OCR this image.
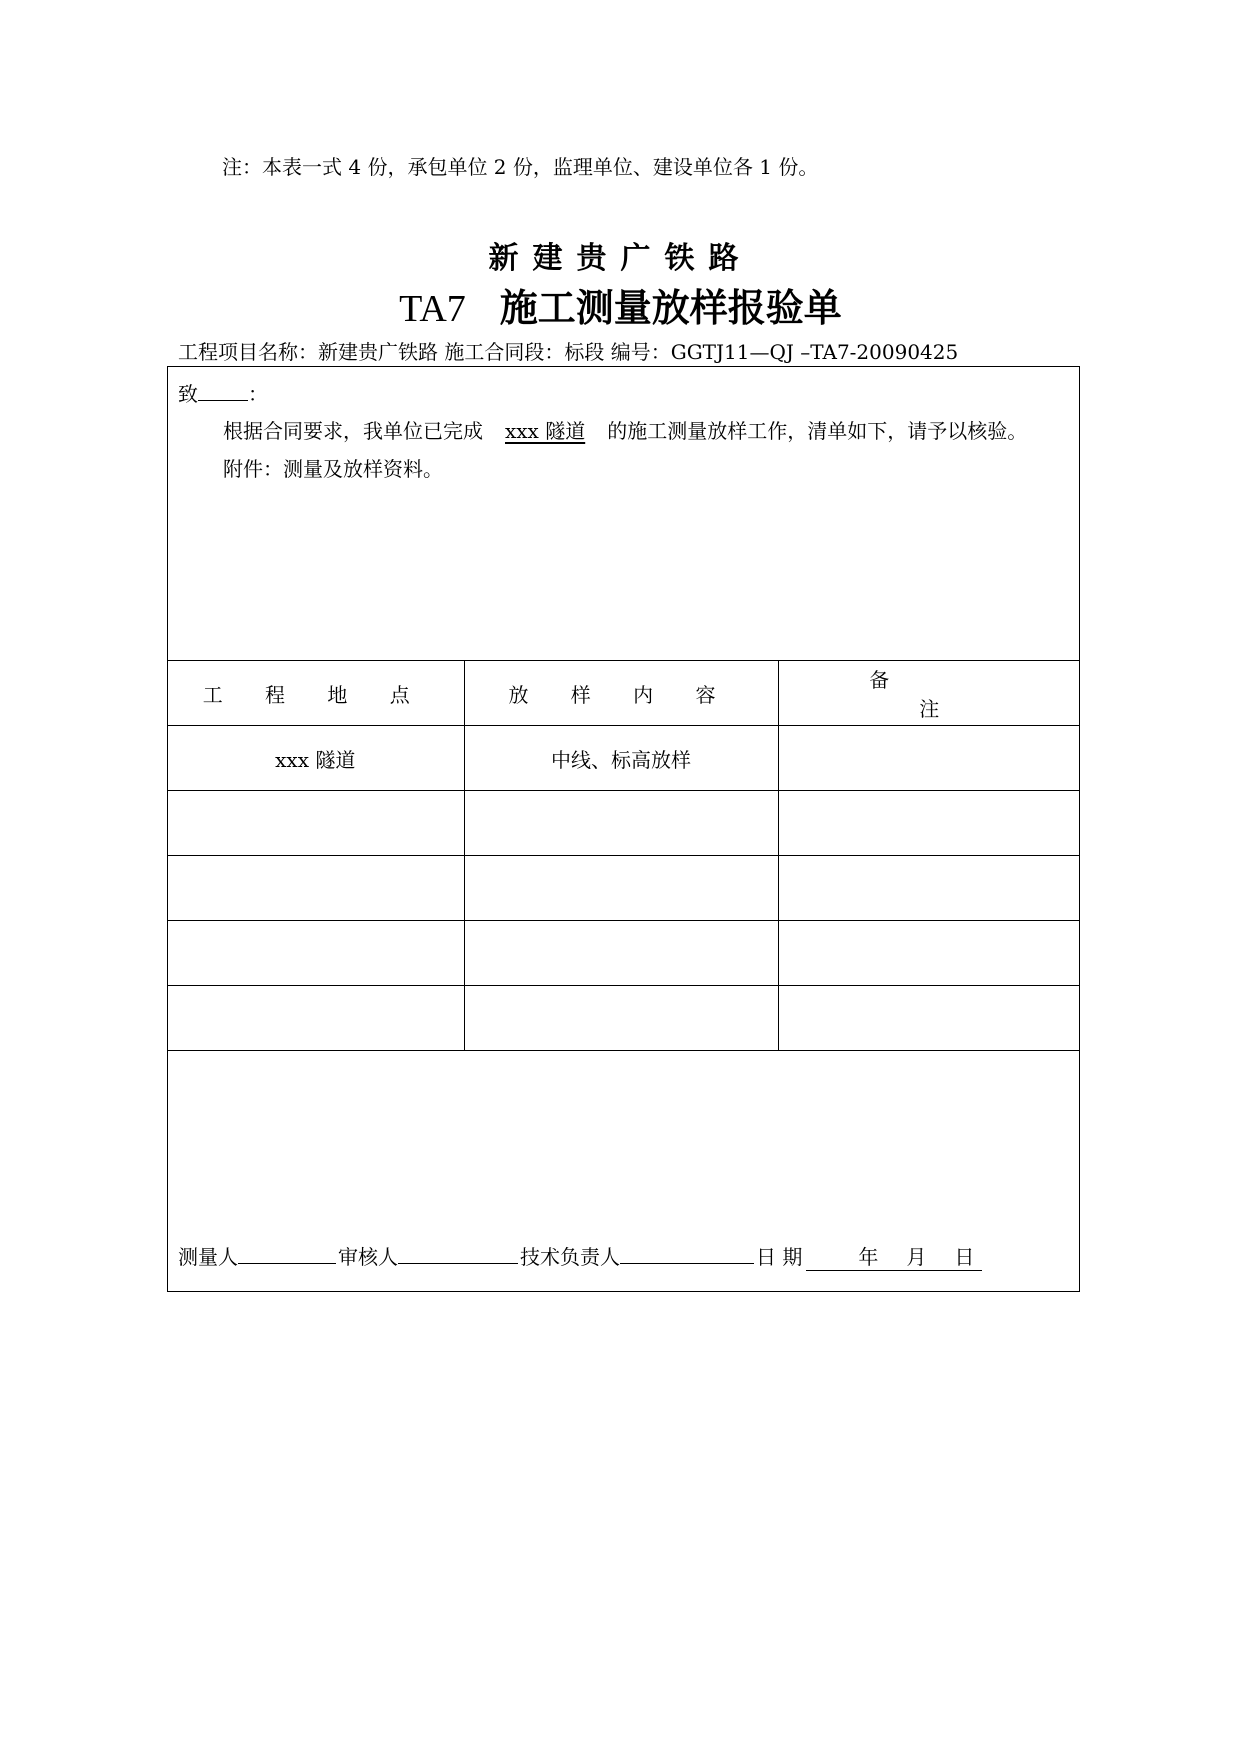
注：本表一式 4 份，承包单位 2 份，监理单位、建设单位各 1 份。
新建贵广铁路
TA7 施工测量放样报验单
工程项目名称：新建贵广铁路 施工合同段：标段 编号：GGTJ11—QJ –TA7-20090425
致	：
根据合同要求，我单位已完成 xxx 隧道 的施工测量放样工作，清单如下，请予以核验。
附件：测量及放样资料。
工 程 地 点	放 样 内 容	备 注
xxx 隧道	中线、标高放样	

测量人	审核人	技术负责人	日 期	年 月 日
